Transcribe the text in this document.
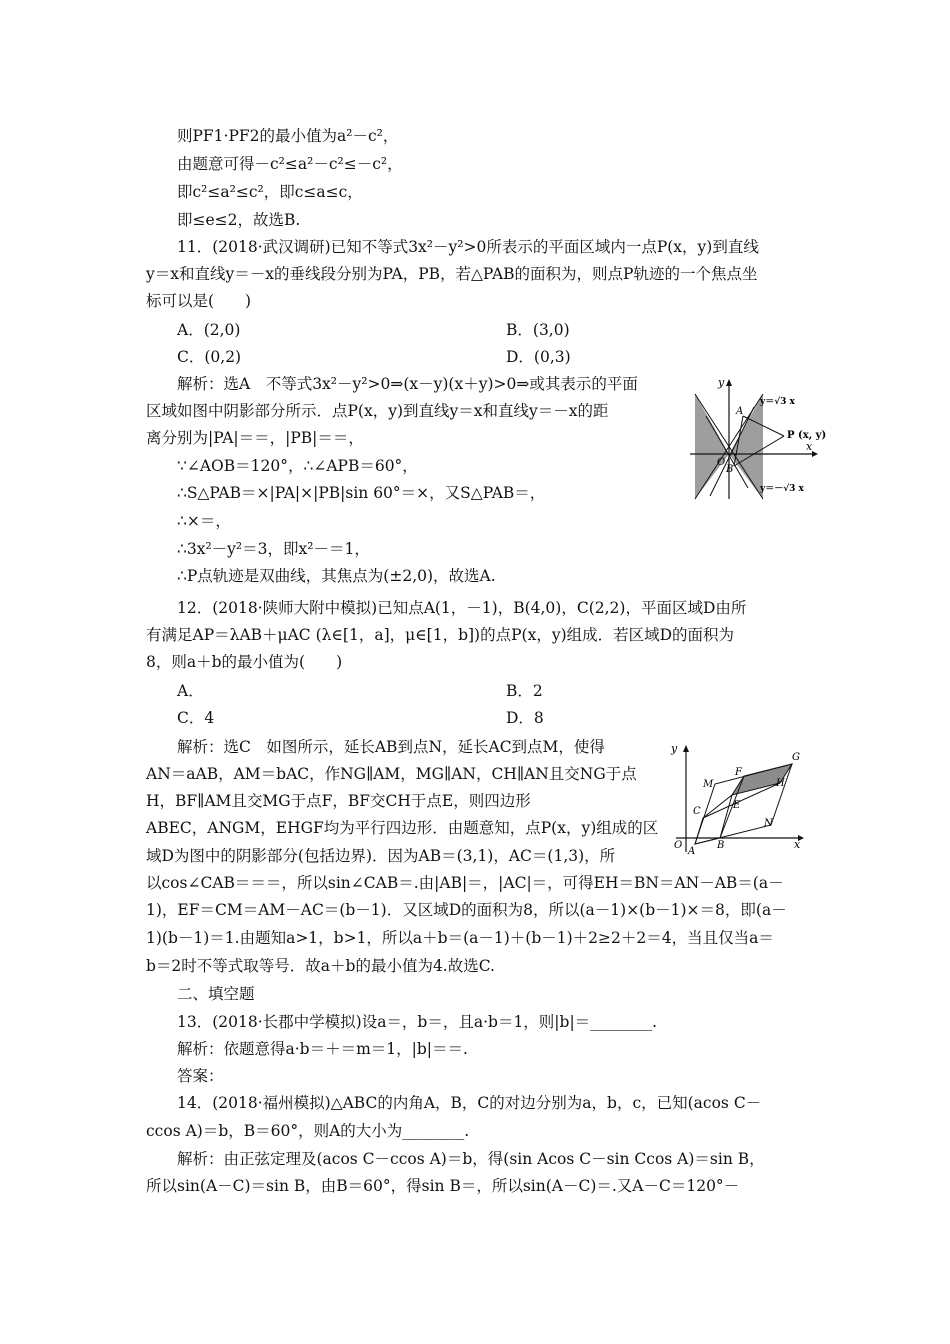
则PF1·PF2的最小值为a²－c²，
由题意可得－c²≤a²－c²≤－c²，
即c²≤a²≤c²，即c≤a≤c，
即≤e≤2，故选B.
11．(2018·武汉调研)已知不等式3x²－y²>0所表示的平面区域内一点P(x，y)到直线
y＝x和直线y＝－x的垂线段分别为PA，PB，若△PAB的面积为，则点P轨迹的一个焦点坐
标可以是(　　)
A．(2,0)	B．(3,0)
C．(0,2)	D．(0,3)
解析：选A　不等式3x²－y²>0⇒(x－y)(x＋y)>0⇒或其表示的平面
区域如图中阴影部分所示．点P(x，y)到直线y＝x和直线y＝－x的距
离分别为|PA|＝＝，|PB|＝＝，
∵∠AOB＝120°，∴∠APB＝60°，
∴S△PAB＝×|PA|×|PB|sin 60°＝×，又S△PAB＝，
∴×＝，
∴3x²－y²＝3，即x²－＝1，
∴P点轨迹是双曲线，其焦点为(±2,0)，故选A.
y
x
y＝√3 x
y＝－√3 x
P (x, y)
A
B
O
12．(2018·陕师大附中模拟)已知点A(1，－1)，B(4,0)，C(2,2)，平面区域D由所
有满足AP＝λAB＋μAC (λ∈[1，a]，μ∈[1，b])的点P(x，y)组成．若区域D的面积为
8，则a＋b的最小值为(　　)
A．	B．2
C．4	D．8
解析：选C　如图所示，延长AB到点N，延长AC到点M，使得
AN＝aAB，AM＝bAC，作NG∥AM，MG∥AN，CH∥AN且交NG于点
H，BF∥AM且交MG于点F，BF交CH于点E，则四边形
ABEC，ANGM，EHGF均为平行四边形．由题意知，点P(x，y)组成的区
域D为图中的阴影部分(包括边界)．因为AB＝(3,1)，AC＝(1,3)，所
以cos∠CAB＝＝＝，所以sin∠CAB＝.由|AB|＝，|AC|＝，可得EH＝BN＝AN－AB＝(a－
1)，EF＝CM＝AM－AC＝(b－1)．又区域D的面积为8，所以(a－1)×(b－1)×＝8，即(a－
1)(b－1)＝1.由题知a>1，b>1，所以a＋b＝(a－1)＋(b－1)＋2≥2＋2＝4，当且仅当a＝
b＝2时不等式取等号．故a＋b的最小值为4.故选C.
y
x
O
A
B
C
E
F
G
H
M
N
二、填空题
13．(2018·长郡中学模拟)设a＝，b＝，且a·b＝1，则|b|＝________.
解析：依题意得a·b＝＋＝m＝1，|b|＝＝.
答案：
14．(2018·福州模拟)△ABC的内角A，B，C的对边分别为a，b，c，已知(acos C－
ccos A)＝b，B＝60°，则A的大小为________.
解析：由正弦定理及(acos C－ccos A)＝b，得(sin Acos C－sin Ccos A)＝sin B，
所以sin(A－C)＝sin B，由B＝60°，得sin B＝，所以sin(A－C)＝.又A－C＝120°－
